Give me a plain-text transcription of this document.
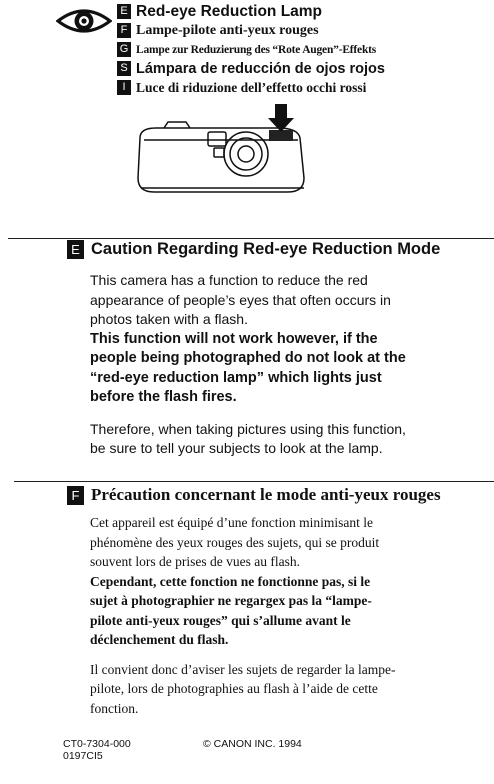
E Red-eye Reduction Lamp
F Lampe-pilote anti-yeux rouges
G Lampe zur Reduzierung des “Rote Augen”-Effekts
S Lámpara de reducción de ojos rojos
I Luce di riduzione dell’effetto occhi rossi
E Caution Regarding Red-eye Reduction Mode

This camera has a function to reduce the red
appearance of people’s eyes that often occurs in
photos taken with a flash.

This function will not work however, if the
people being photographed do not look at the
“red-eye reduction lamp” which lights just
before the flash fires.

Therefore, when taking pictures using this function,
be sure to tell your subjects to look at the lamp.

F Précaution concernant le mode anti-yeux rouges

Cet appareil est équipé d’une fonction minimisant le
phénomène des yeux rouges des sujets, qui se produit
souvent lors de prises de vues au flash.

Cependant, cette fonction ne fonctionne pas, si le
sujet à photographier ne regargex pas la “lampe-
pilote anti-yeux rouges” qui s’allume avant le
déclenchement du flash.

Il convient donc d’aviser les sujets de regarder la lampe-
pilote, lors de photographies au flash à l’aide de cette
fonction.

CT0-7304-000
0197CI5
© CANON INC. 1994
